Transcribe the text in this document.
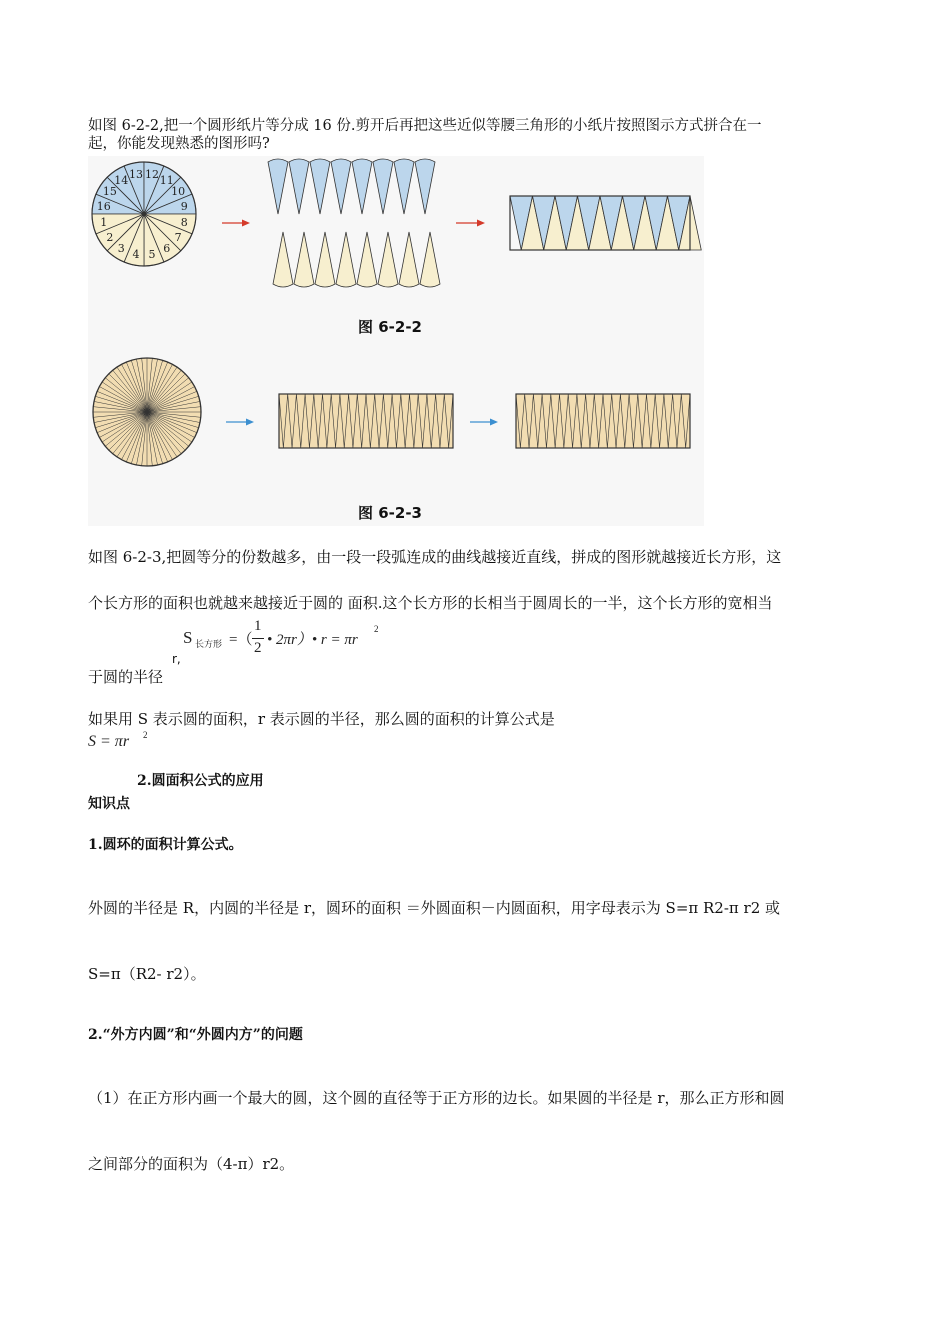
如图 6-2-2,把一个圆形纸片等分成 16 份.剪开后再把这些近似等腰三角形的小纸片按照图示方式拼合在一
起，你能发现熟悉的图形吗?
1
2
3 4 5 6
7
8
9
10
11
12
13
14
15
16
图 6-2-2
图 6-2-3
如图 6-2-3,把圆等分的份数越多，由一段一段弧连成的曲线越接近直线，拼成的图形就越接近长方形，这
个长方形的面积也就越来越接近于圆的 面积.这个长方形的长相当于圆周长的一半，这个长方形的宽相当
S 长方形 =（
1
2 • 2πr）• r = πr
2
r,
于圆的半径
如果用 S 表示圆的面积，r 表示圆的半径，那么圆的面积的计算公式是
S = πr 2
2.圆面积公式的应用
知识点
1.圆环的面积计算公式。
外圆的半径是 R，内圆的半径是 r，圆环的面积 ＝外圆面积－内圆面积，用字母表示为 S=π R2-π r2 或
S=π（R2- r2）。
2.“外方内圆”和“外圆内方”的问题
（1）在正方形内画一个最大的圆，这个圆的直径等于正方形的边长。如果圆的半径是 r，那么正方形和圆
之间部分的面积为（4-π）r2。
